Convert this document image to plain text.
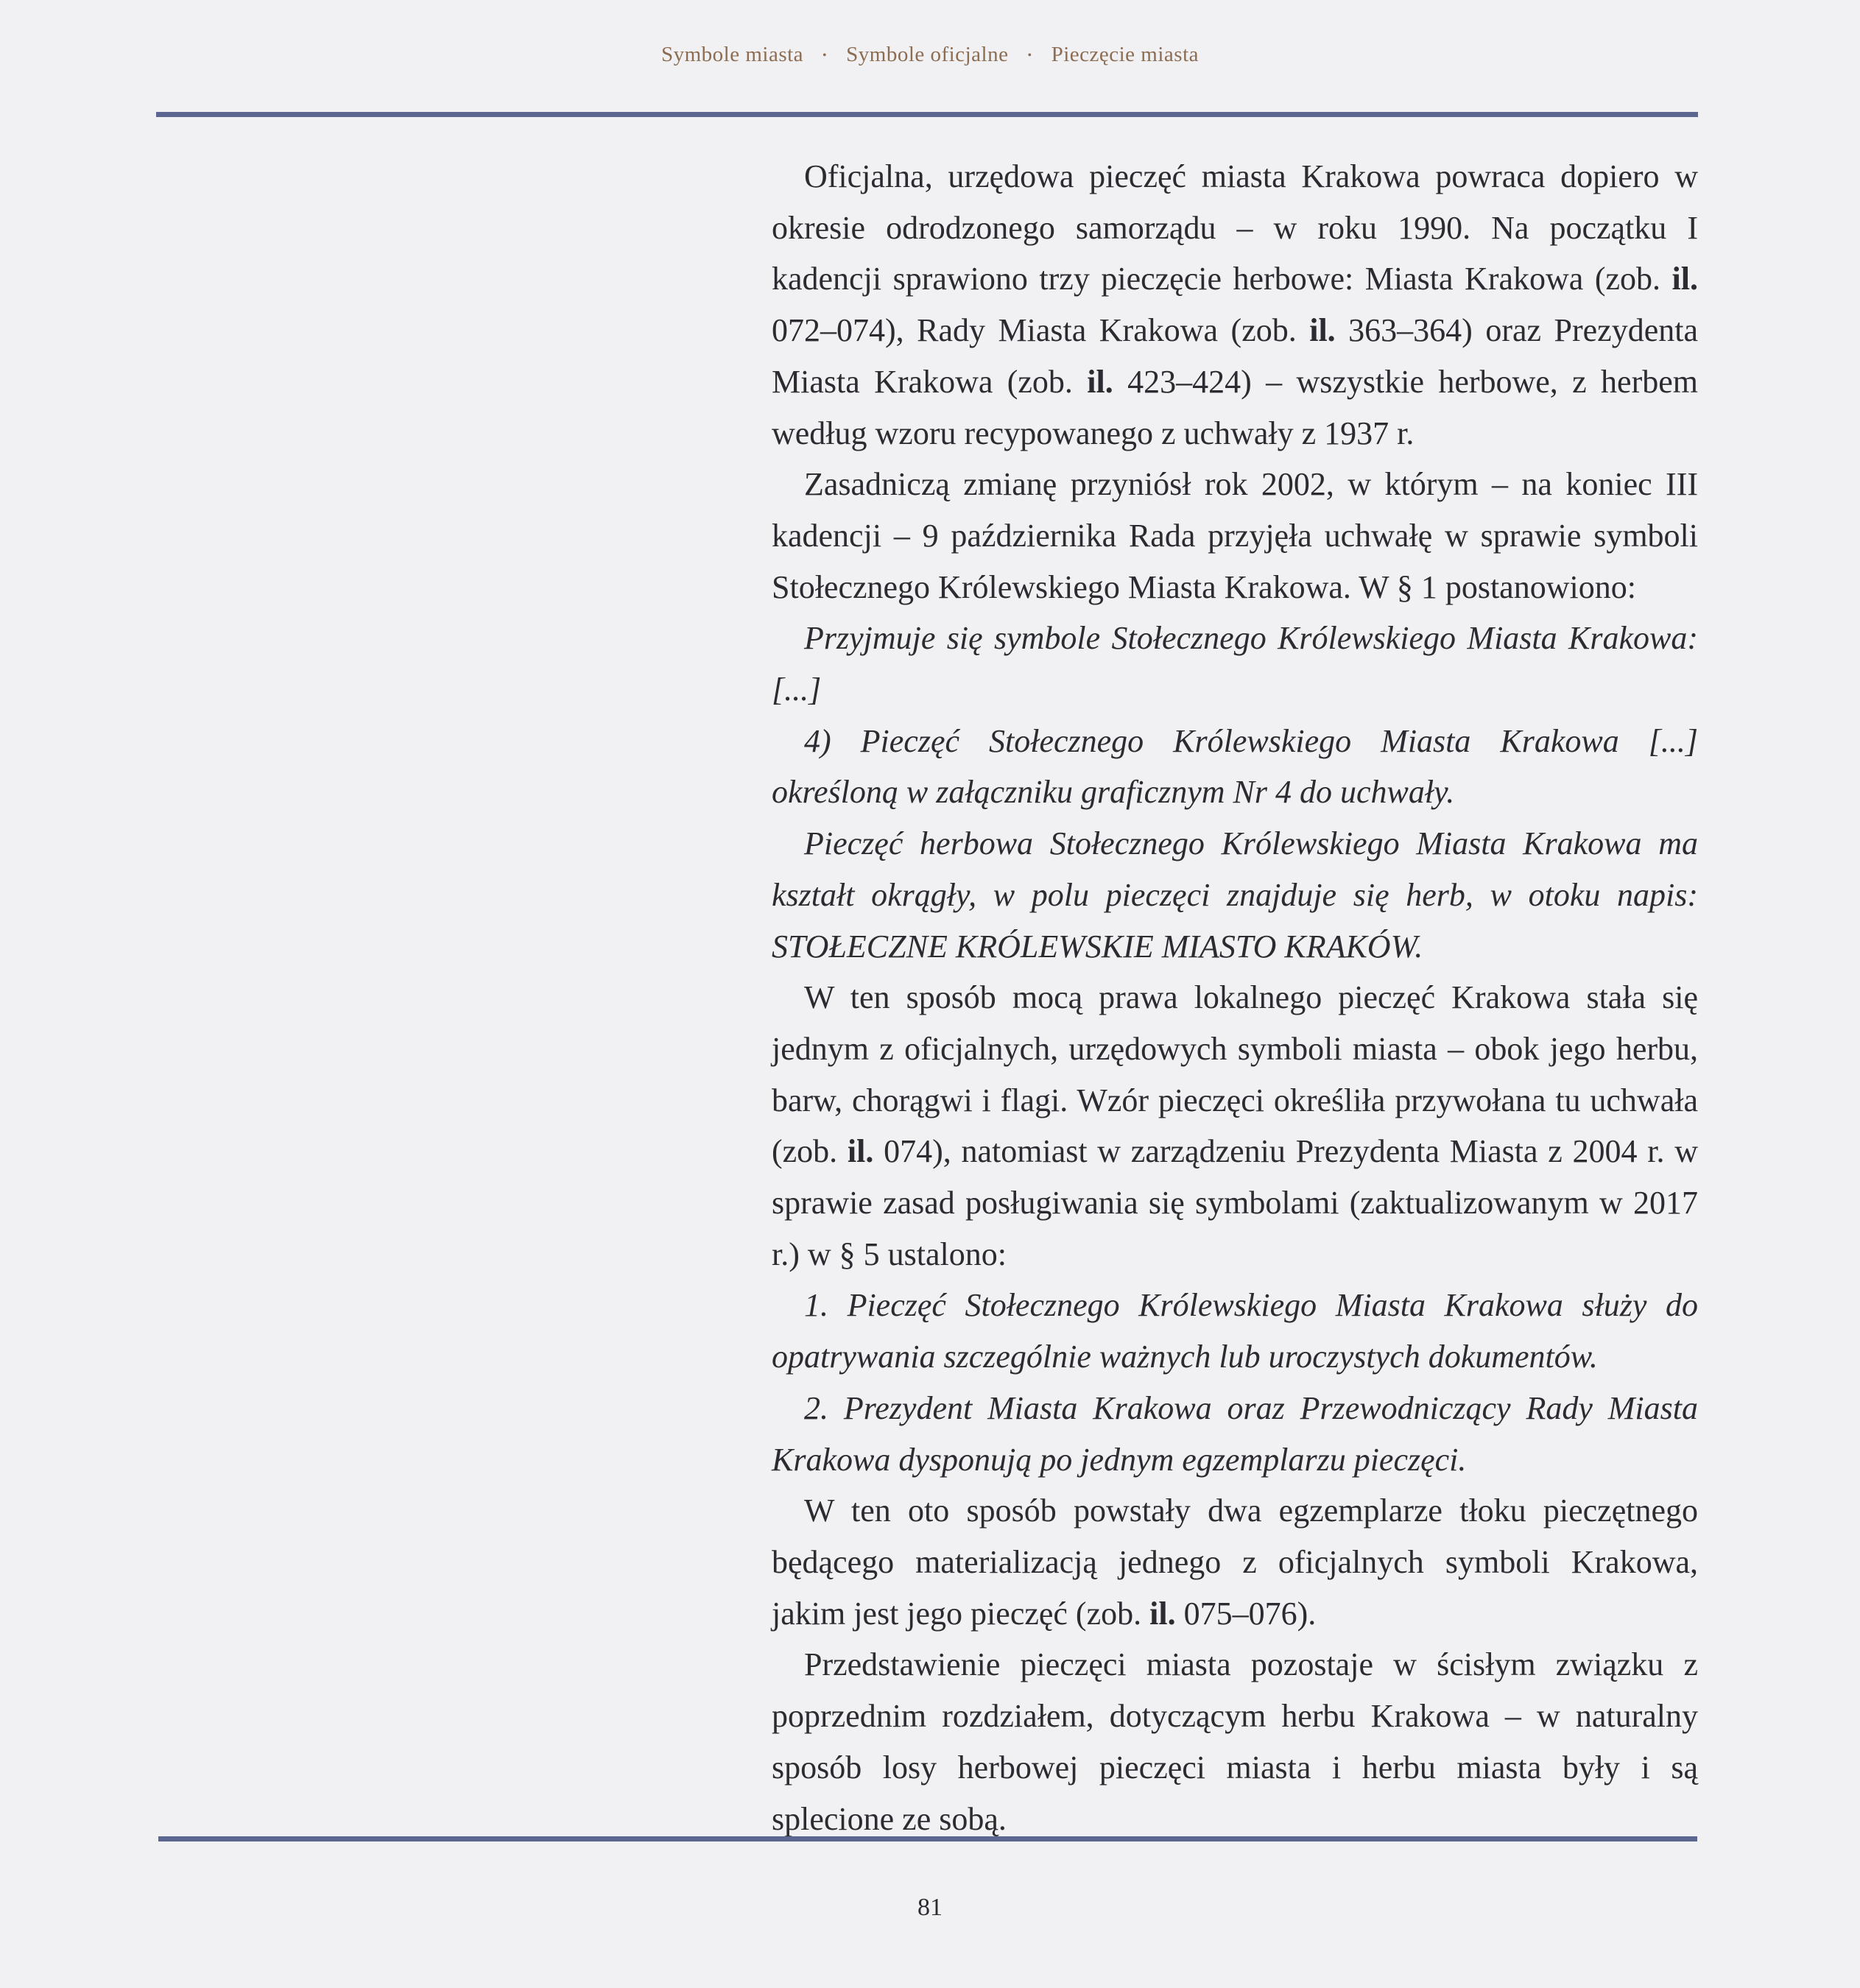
Symbole miasta • Symbole oficjalne • Pieczęcie miasta

Oficjalna, urzędowa pieczęć miasta Krakowa powraca dopiero w okresie odrodzonego samorządu – w roku 1990. Na początku I kadencji sprawiono trzy pieczęcie herbowe: Miasta Krakowa (zob. il. 072–074), Rady Miasta Krakowa (zob. il. 363–364) oraz Prezydenta Miasta Krakowa (zob. il. 423–424) – wszystkie herbowe, z herbem według wzoru recypowanego z uchwały z 1937 r.

Zasadniczą zmianę przyniósł rok 2002, w którym – na koniec III kadencji – 9 października Rada przyjęła uchwałę w sprawie symboli Stołecznego Królewskiego Miasta Krakowa. W § 1 postanowiono:

Przyjmuje się symbole Stołecznego Królewskiego Miasta Krakowa: [...]

4) Pieczęć Stołecznego Królewskiego Miasta Krakowa [...] określoną w załączniku graficznym Nr 4 do uchwały.

Pieczęć herbowa Stołecznego Królewskiego Miasta Krakowa ma kształt okrągły, w polu pieczęci znajduje się herb, w otoku napis: STOŁECZNE KRÓLEWSKIE MIASTO KRAKÓW.

W ten sposób mocą prawa lokalnego pieczęć Krakowa stała się jednym z oficjalnych, urzędowych symboli miasta – obok jego herbu, barw, chorągwi i flagi. Wzór pieczęci określiła przywołana tu uchwała (zob. il. 074), natomiast w zarządzeniu Prezydenta Miasta z 2004 r. w sprawie zasad posługiwania się symbolami (zaktualizowanym w 2017 r.) w § 5 ustalono:

1. Pieczęć Stołecznego Królewskiego Miasta Krakowa służy do opatrywania szczególnie ważnych lub uroczystych dokumentów.

2. Prezydent Miasta Krakowa oraz Przewodniczący Rady Miasta Krakowa dysponują po jednym egzemplarzu pieczęci.

W ten oto sposób powstały dwa egzemplarze tłoku pieczętnego będącego materializacją jednego z oficjalnych symboli Krakowa, jakim jest jego pieczęć (zob. il. 075–076).

Przedstawienie pieczęci miasta pozostaje w ścisłym związku z poprzednim rozdziałem, dotyczącym herbu Krakowa – w naturalny sposób losy herbowej pieczęci miasta i herbu miasta były i są splecione ze sobą.

81
